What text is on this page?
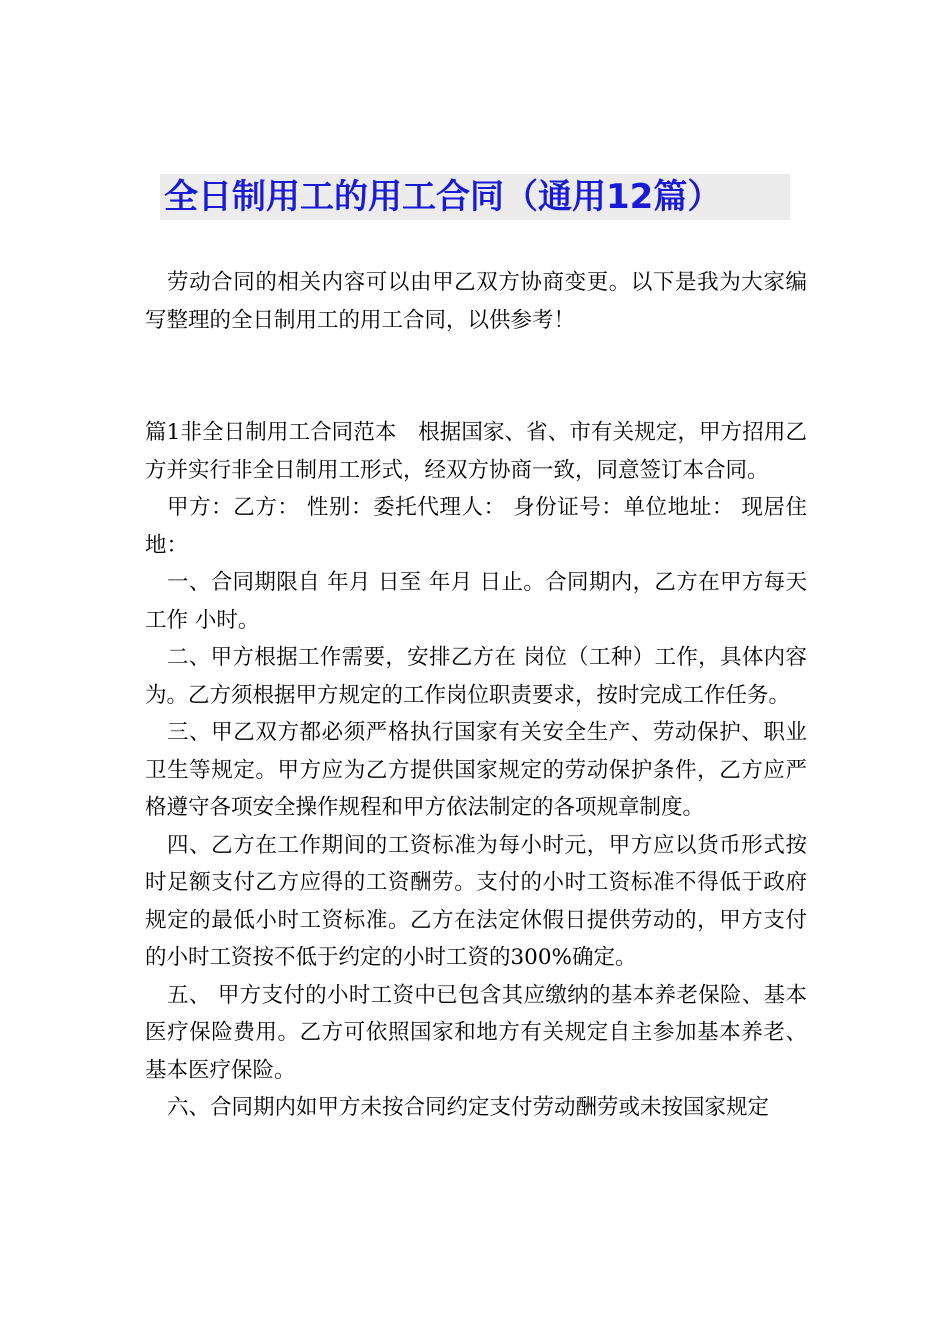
全日制用工的用工合同（通用12篇）

劳动合同的相关内容可以由甲乙双方协商变更。以下是我为大家编写整理的全日制用工的用工合同，以供参考！

篇1非全日制用工合同范本　根据国家、省、市有关规定，甲方招用乙方并实行非全日制用工形式，经双方协商一致，同意签订本合同。

甲方：乙方： 性别：委托代理人： 身份证号：单位地址： 现居住地：

一、合同期限自 年月 日至 年月 日止。合同期内，乙方在甲方每天工作 小时。

二、甲方根据工作需要，安排乙方在 岗位（工种）工作，具体内容为。乙方须根据甲方规定的工作岗位职责要求，按时完成工作任务。

三、甲乙双方都必须严格执行国家有关安全生产、劳动保护、职业卫生等规定。甲方应为乙方提供国家规定的劳动保护条件，乙方应严格遵守各项安全操作规程和甲方依法制定的各项规章制度。

四、乙方在工作期间的工资标准为每小时元，甲方应以货币形式按时足额支付乙方应得的工资酬劳。支付的小时工资标准不得低于政府规定的最低小时工资标准。乙方在法定休假日提供劳动的，甲方支付的小时工资按不低于约定的小时工资的300%确定。

五、 甲方支付的小时工资中已包含其应缴纳的基本养老保险、基本医疗保险费用。乙方可依照国家和地方有关规定自主参加基本养老、基本医疗保险。

六、合同期内如甲方未按合同约定支付劳动酬劳或未按国家规定
